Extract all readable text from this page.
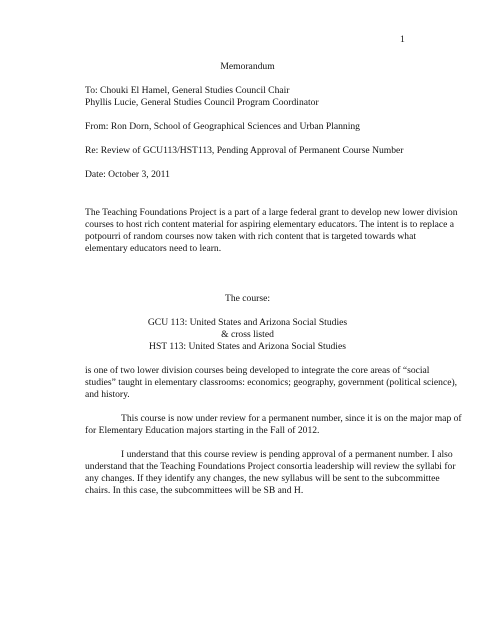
1
Memorandum
To: Chouki El Hamel, General Studies Council Chair
Phyllis Lucie, General Studies Council Program Coordinator
From: Ron Dorn, School of Geographical Sciences and Urban Planning
Re: Review of GCU113/HST113, Pending Approval of Permanent Course Number
Date: October 3, 2011
The Teaching Foundations Project is a part of a large federal grant to develop new lower division
courses to host rich content material for aspiring elementary educators. The intent is to replace a
potpourri of random courses now taken with rich content that is targeted towards what
elementary educators need to learn.
The course:
GCU 113: United States and Arizona Social Studies
& cross listed
HST 113: United States and Arizona Social Studies
is one of two lower division courses being developed to integrate the core areas of “social
studies” taught in elementary classrooms: economics; geography, government (political science),
and history.
This course is now under review for a permanent number, since it is on the major map of
for Elementary Education majors starting in the Fall of 2012.
I understand that this course review is pending approval of a permanent number. I also
understand that the Teaching Foundations Project consortia leadership will review the syllabi for
any changes. If they identify any changes, the new syllabus will be sent to the subcommittee
chairs. In this case, the subcommittees will be SB and H.
